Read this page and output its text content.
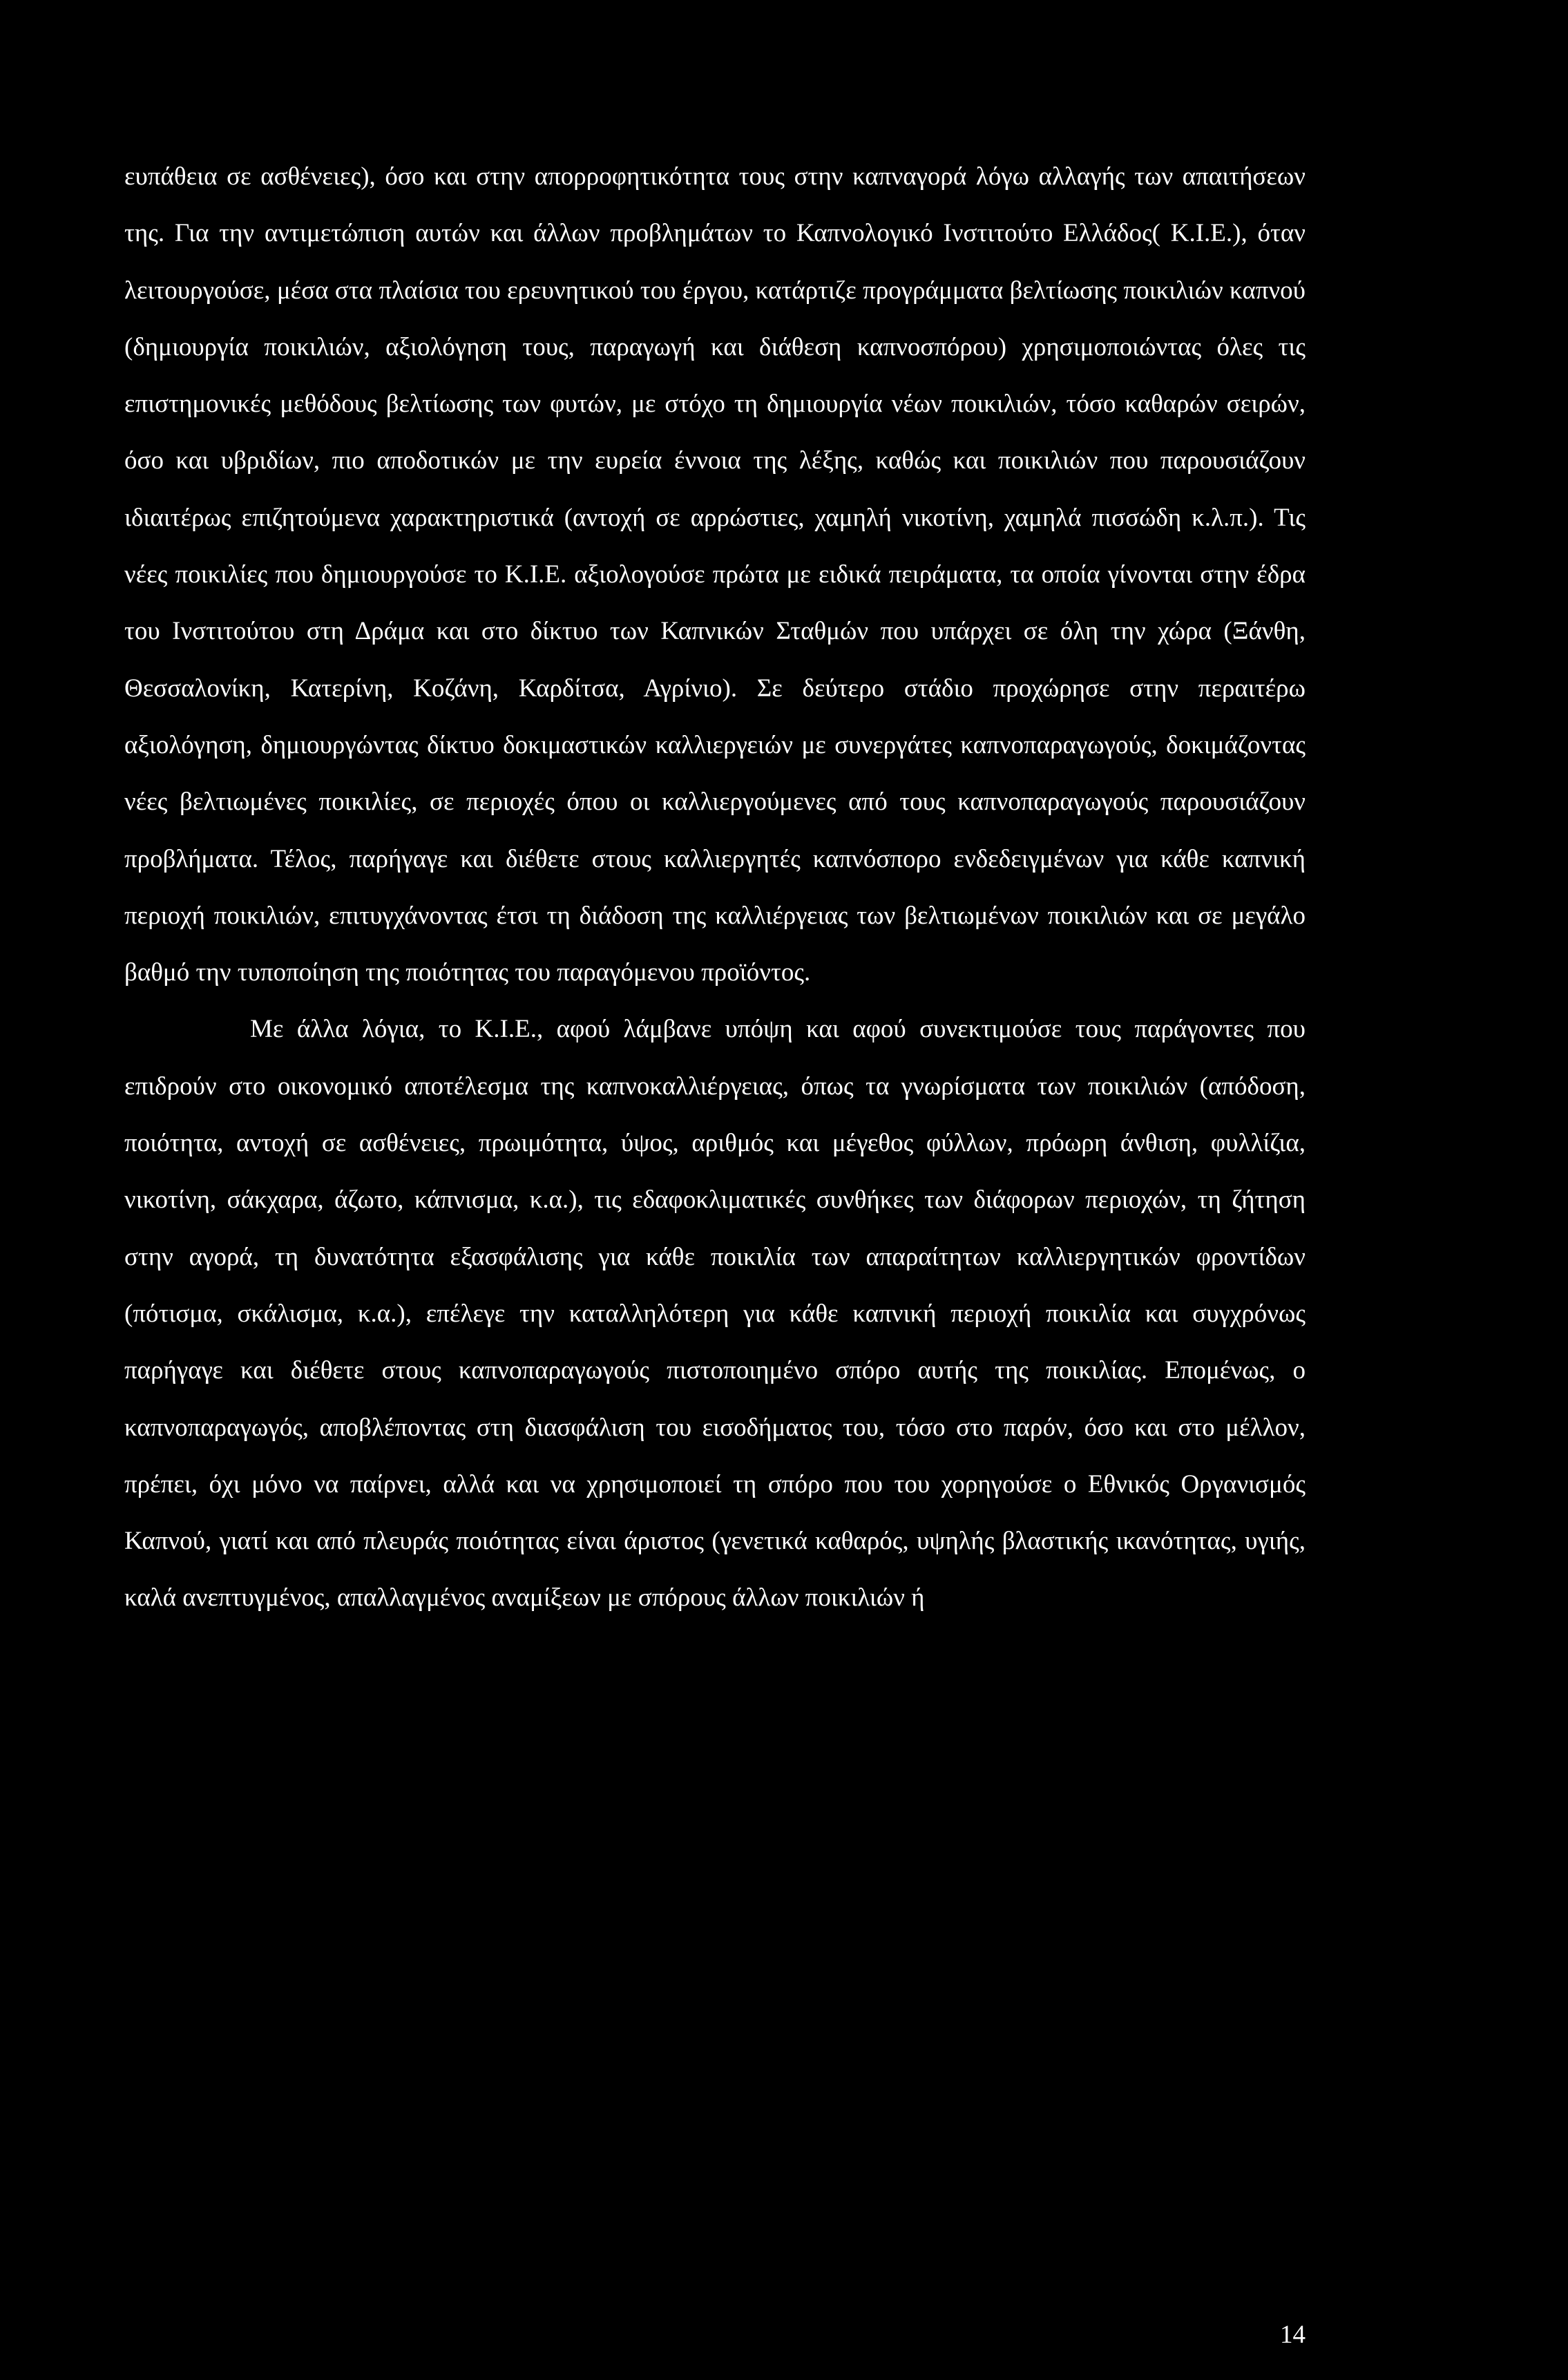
ευπάθεια σε ασθένειες), όσο και στην απορροφητικότητα τους στην καπναγορά λόγω αλλαγής των απαιτήσεων της. Για την αντιμετώπιση αυτών και άλλων προβλημάτων το Καπνολογικό Ινστιτούτο Ελλάδος( Κ.Ι.Ε.), όταν λειτουργούσε, μέσα στα πλαίσια του ερευνητικού του έργου, κατάρτιζε προγράμματα βελτίωσης ποικιλιών καπνού (δημιουργία ποικιλιών, αξιολόγηση τους, παραγωγή και διάθεση καπνοσπόρου) χρησιμοποιώντας όλες τις επιστημονικές μεθόδους βελτίωσης των φυτών, με στόχο τη δημιουργία νέων ποικιλιών, τόσο καθαρών σειρών, όσο και υβριδίων, πιο αποδοτικών με την ευρεία έννοια της λέξης, καθώς και ποικιλιών που παρουσιάζουν ιδιαιτέρως επιζητούμενα χαρακτηριστικά (αντοχή σε αρρώστιες, χαμηλή νικοτίνη, χαμηλά πισσώδη κ.λ.π.). Τις νέες ποικιλίες που δημιουργούσε το Κ.Ι.Ε. αξιολογούσε πρώτα με ειδικά πειράματα, τα οποία γίνονται στην έδρα του Ινστιτούτου στη Δράμα και στο δίκτυο των Καπνικών Σταθμών που υπάρχει σε όλη την χώρα (Ξάνθη, Θεσσαλονίκη, Κατερίνη, Κοζάνη, Καρδίτσα, Αγρίνιο). Σε δεύτερο στάδιο προχώρησε στην περαιτέρω αξιολόγηση, δημιουργώντας δίκτυο δοκιμαστικών καλλιεργειών με συνεργάτες καπνοπαραγωγούς, δοκιμάζοντας νέες βελτιωμένες ποικιλίες, σε περιοχές όπου οι καλλιεργούμενες από τους καπνοπαραγωγούς παρουσιάζουν προβλήματα. Τέλος, παρήγαγε και διέθετε στους καλλιεργητές καπνόσπορο ενδεδειγμένων για κάθε καπνική περιοχή ποικιλιών, επιτυγχάνοντας έτσι τη διάδοση της καλλιέργειας των βελτιωμένων ποικιλιών και σε μεγάλο βαθμό την τυποποίηση της ποιότητας του παραγόμενου προϊόντος.

Με άλλα λόγια, το Κ.Ι.Ε., αφού λάμβανε υπόψη και αφού συνεκτιμούσε τους παράγοντες που επιδρούν στο οικονομικό αποτέλεσμα της καπνοκαλλιέργειας, όπως τα γνωρίσματα των ποικιλιών (απόδοση, ποιότητα, αντοχή σε ασθένειες, πρωιμότητα, ύψος, αριθμός και μέγεθος φύλλων, πρόωρη άνθιση, φυλλίζια, νικοτίνη, σάκχαρα, άζωτο, κάπνισμα, κ.α.), τις εδαφοκλιματικές συνθήκες των διάφορων περιοχών, τη ζήτηση στην αγορά, τη δυνατότητα εξασφάλισης για κάθε ποικιλία των απαραίτητων καλλιεργητικών φροντίδων (πότισμα, σκάλισμα, κ.α.), επέλεγε την καταλληλότερη για κάθε καπνική περιοχή ποικιλία και συγχρόνως παρήγαγε και διέθετε στους καπνοπαραγωγούς πιστοποιημένο σπόρο αυτής της ποικιλίας. Επομένως, ο καπνοπαραγωγός, αποβλέποντας στη διασφάλιση του εισοδήματος του, τόσο στο παρόν, όσο και στο μέλλον, πρέπει, όχι μόνο να παίρνει, αλλά και να χρησιμοποιεί τη σπόρο που του χορηγούσε ο Εθνικός Οργανισμός Καπνού, γιατί και από πλευράς ποιότητας είναι άριστος (γενετικά καθαρός, υψηλής βλαστικής ικανότητας, υγιής, καλά ανεπτυγμένος, απαλλαγμένος αναμίξεων με σπόρους άλλων ποικιλιών ή

14
